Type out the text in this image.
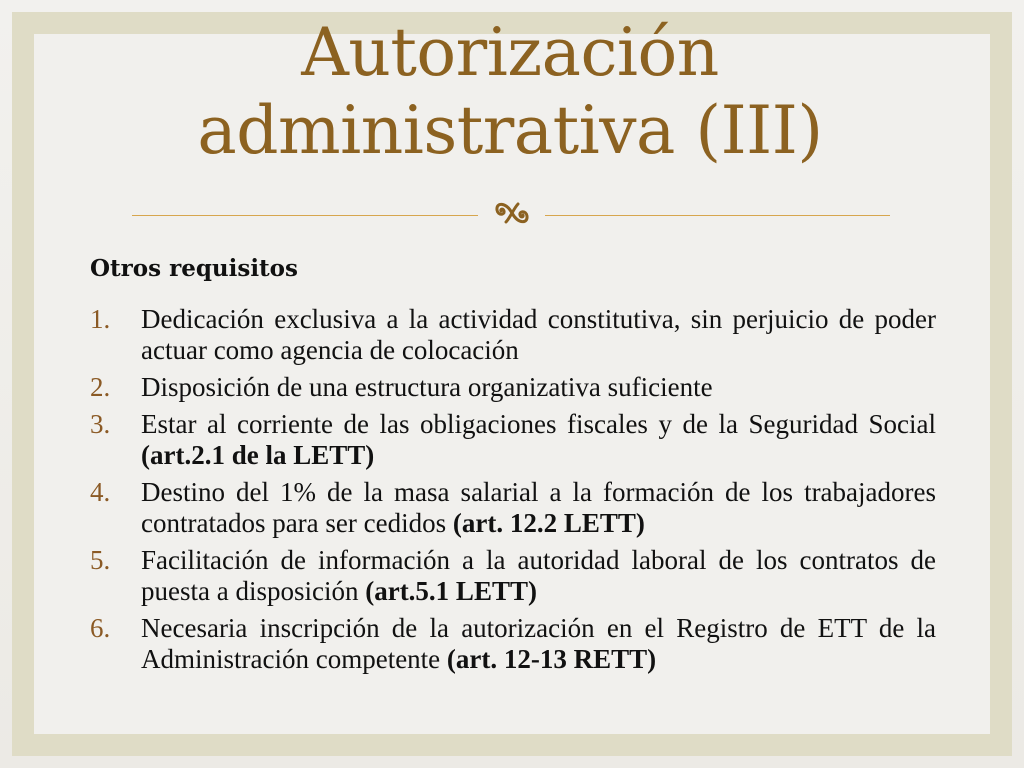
Autorización
administrativa (III)
Otros requisitos
1. Dedicación exclusiva a la actividad constitutiva, sin perjuicio de poder actuar como agencia de colocación
2. Disposición de una estructura organizativa suficiente
3. Estar al corriente de las obligaciones fiscales y de la Seguridad Social (art.2.1 de la LETT)
4. Destino del 1% de la masa salarial a la formación de los trabajadores contratados para ser cedidos (art. 12.2 LETT)
5. Facilitación de información a la autoridad laboral de los contratos de puesta a disposición (art.5.1 LETT)
6. Necesaria inscripción de la autorización en el Registro de ETT de la Administración competente (art. 12-13 RETT)
